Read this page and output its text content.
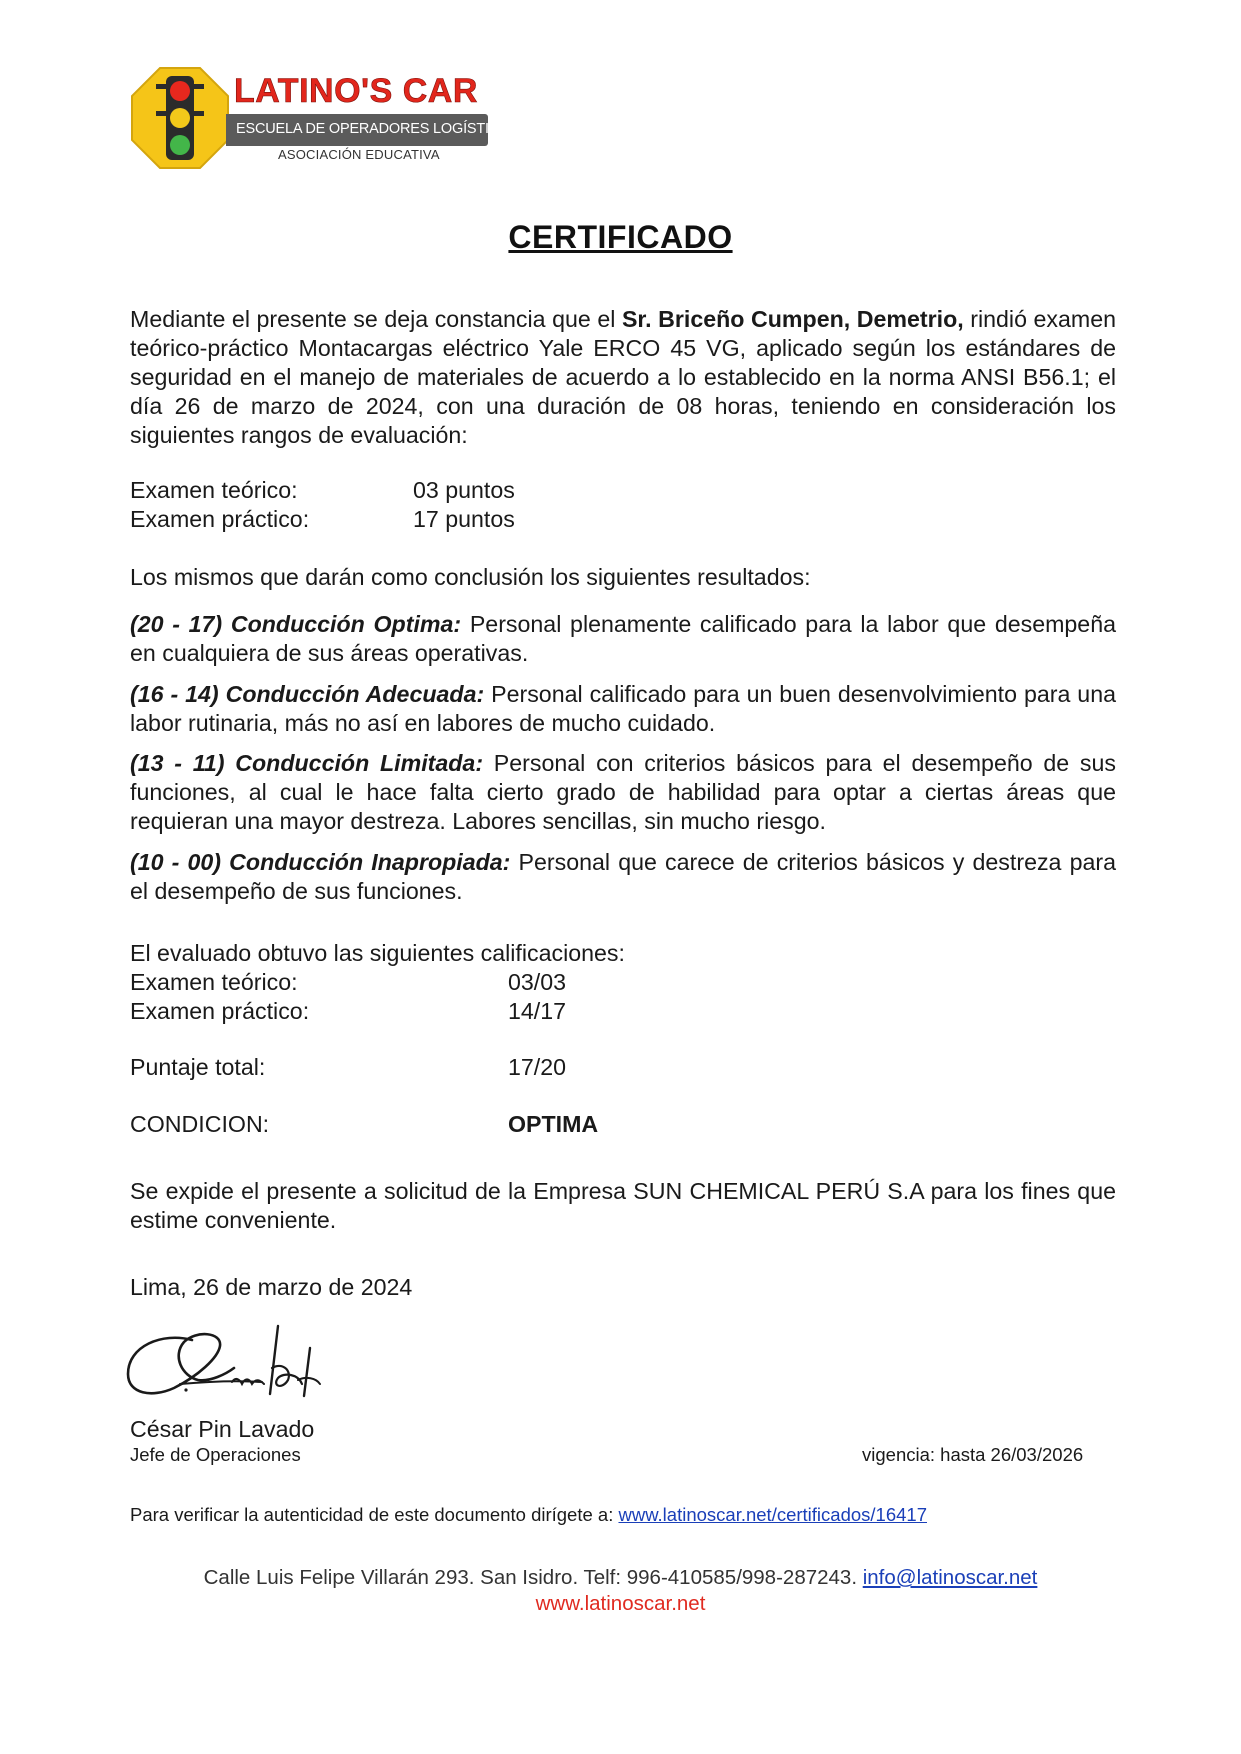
LATINO'S CAR
ESCUELA DE OPERADORES LOGÍSTICOS
ASOCIACIÓN EDUCATIVA
CERTIFICADO
Mediante el presente se deja constancia que el Sr. Briceño Cumpen, Demetrio, rindió examen teórico-práctico Montacargas eléctrico Yale ERCO 45 VG, aplicado según los estándares de seguridad en el manejo de materiales de acuerdo a lo establecido en la norma ANSI B56.1; el día 26 de marzo de 2024, con una duración de 08 horas, teniendo en consideración los siguientes rangos de evaluación:
Examen teórico:	03 puntos
Examen práctico:	17 puntos
Los mismos que darán como conclusión los siguientes resultados:
(20 - 17) Conducción Optima: Personal plenamente calificado para la labor que desempeña en cualquiera de sus áreas operativas.
(16 - 14) Conducción Adecuada: Personal calificado para un buen desenvolvimiento para una labor rutinaria, más no así en labores de mucho cuidado.
(13 - 11) Conducción Limitada: Personal con criterios básicos para el desempeño de sus funciones, al cual le hace falta cierto grado de habilidad para optar a ciertas áreas que requieran una mayor destreza. Labores sencillas, sin mucho riesgo.
(10 - 00) Conducción Inapropiada: Personal que carece de criterios básicos y destreza para el desempeño de sus funciones.
El evaluado obtuvo las siguientes calificaciones:
Examen teórico:	03/03
Examen práctico:	14/17
Puntaje total:	17/20
CONDICION:	OPTIMA
Se expide el presente a solicitud de la Empresa SUN CHEMICAL PERÚ S.A para los fines que estime conveniente.
Lima, 26 de marzo de 2024
César Pin Lavado
Jefe de Operaciones	vigencia: hasta 26/03/2026
Para verificar la autenticidad de este documento dirígete a: www.latinoscar.net/certificados/16417
Calle Luis Felipe Villarán 293. San Isidro. Telf: 996-410585/998-287243. info@latinoscar.net
www.latinoscar.net
